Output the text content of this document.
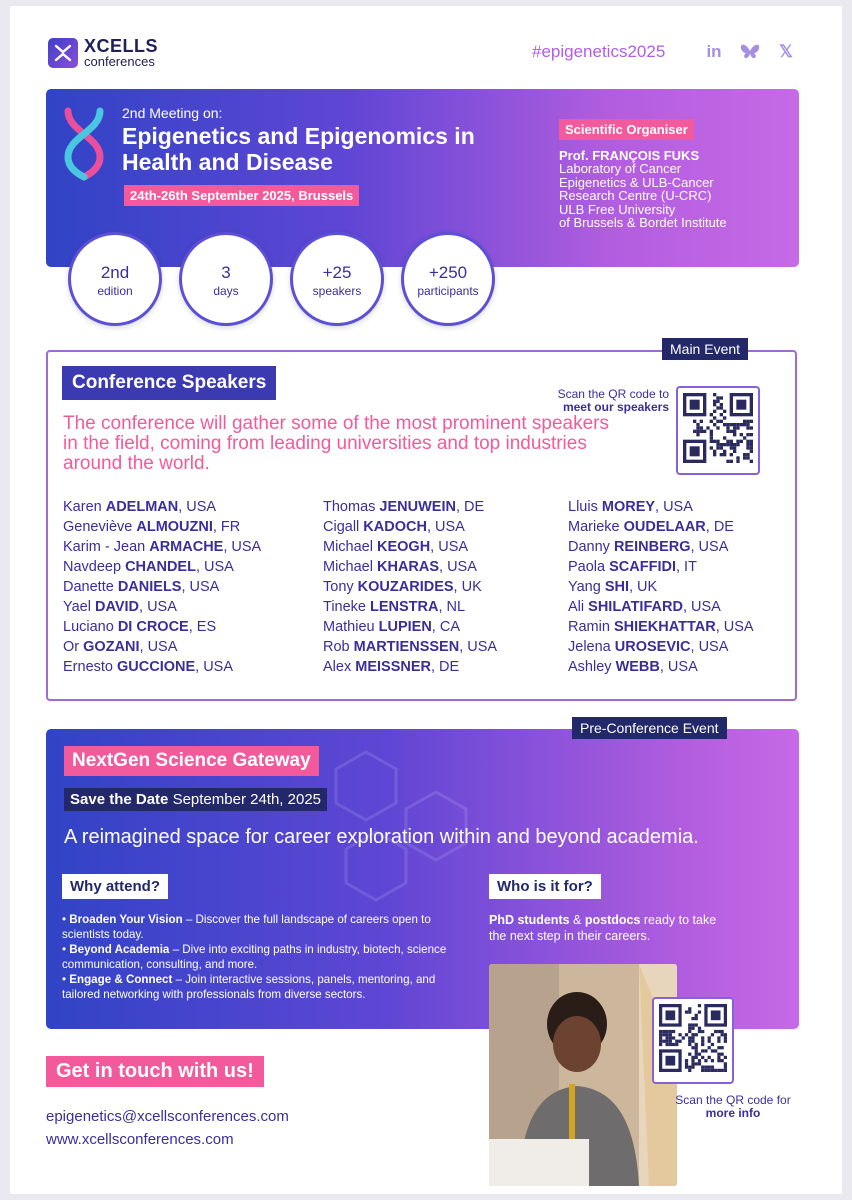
XCELLS
conferences
#epigenetics2025 in	𝕏
2nd Meeting on:
Epigenetics and Epigenomics in Health and Disease
24th-26th September 2025, Brussels
Scientific Organiser
Prof. FRANÇOIS FUKS
Laboratory of Cancer
Epigenetics & ULB-Cancer
Research Centre (U-CRC)
ULB Free University
of Brussels & Bordet Institute
2nd
edition
3
days
+25
speakers
+250
participants
Main Event
Conference Speakers
The conference will gather some of the most prominent speakers in the field, coming from leading universities and top industries around the world.
Scan the QR code to meet our speakers
Karen ADELMAN, USA
Geneviève ALMOUZNI, FR
Karim - Jean ARMACHE, USA
Navdeep CHANDEL, USA
Danette DANIELS, USA
Yael DAVID, USA
Luciano DI CROCE, ES
Or GOZANI, USA
Ernesto GUCCIONE, USA
Thomas JENUWEIN, DE
Cigall KADOCH, USA
Michael KEOGH, USA
Michael KHARAS, USA
Tony KOUZARIDES, UK
Tineke LENSTRA, NL
Mathieu LUPIEN, CA
Rob MARTIENSSEN, USA
Alex MEISSNER, DE
Lluis MOREY, USA
Marieke OUDELAAR, DE
Danny REINBERG, USA
Paola SCAFFIDI, IT
Yang SHI, UK
Ali SHILATIFARD, USA
Ramin SHIEKHATTAR, USA
Jelena UROSEVIC, USA
Ashley WEBB, USA
Pre-Conference Event
NextGen Science Gateway
Save the Date September 24th, 2025
A reimagined space for career exploration within and beyond academia.
Why attend?
• Broaden Your Vision – Discover the full landscape of careers open to scientists today.
• Beyond Academia – Dive into exciting paths in industry, biotech, science communication, consulting, and more.
• Engage & Connect – Join interactive sessions, panels, mentoring, and tailored networking with professionals from diverse sectors.
Who is it for?
PhD students & postdocs ready to take the next step in their careers.
Scan the QR code for more info
Get in touch with us!
epigenetics@xcellsconferences.com
www.xcellsconferences.com
